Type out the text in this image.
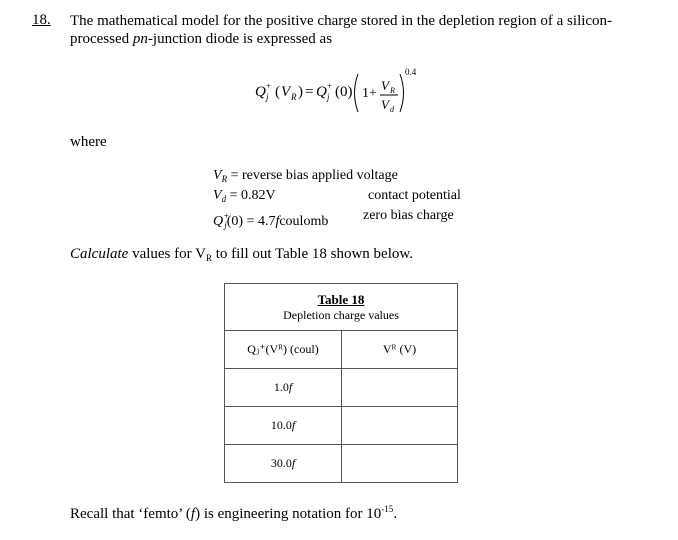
18. The mathematical model for the positive charge stored in the depletion region of a silicon-
processed pn-junction diode is expressed as
Q +
j ( V R ) = Q +
j (0) 1+
V R
V d
0.4
where
$V_R$ = reverse bias applied voltage
$V_d = 0.82V$	contact potential
$Q^+_j(0)$ = 4.7fcoulomb zero bias charge
Calculate values for $V_R$ to fill out Table 18 shown below.
Table 18
Depletion charge values	

Qⱼ⁺(Vᴿ) (coul)	Vᴿ (V)
1.0f	
10.0f	
30.0f	
Recall that ‘femto’ (f) is engineering notation for $10^{-15}$.
